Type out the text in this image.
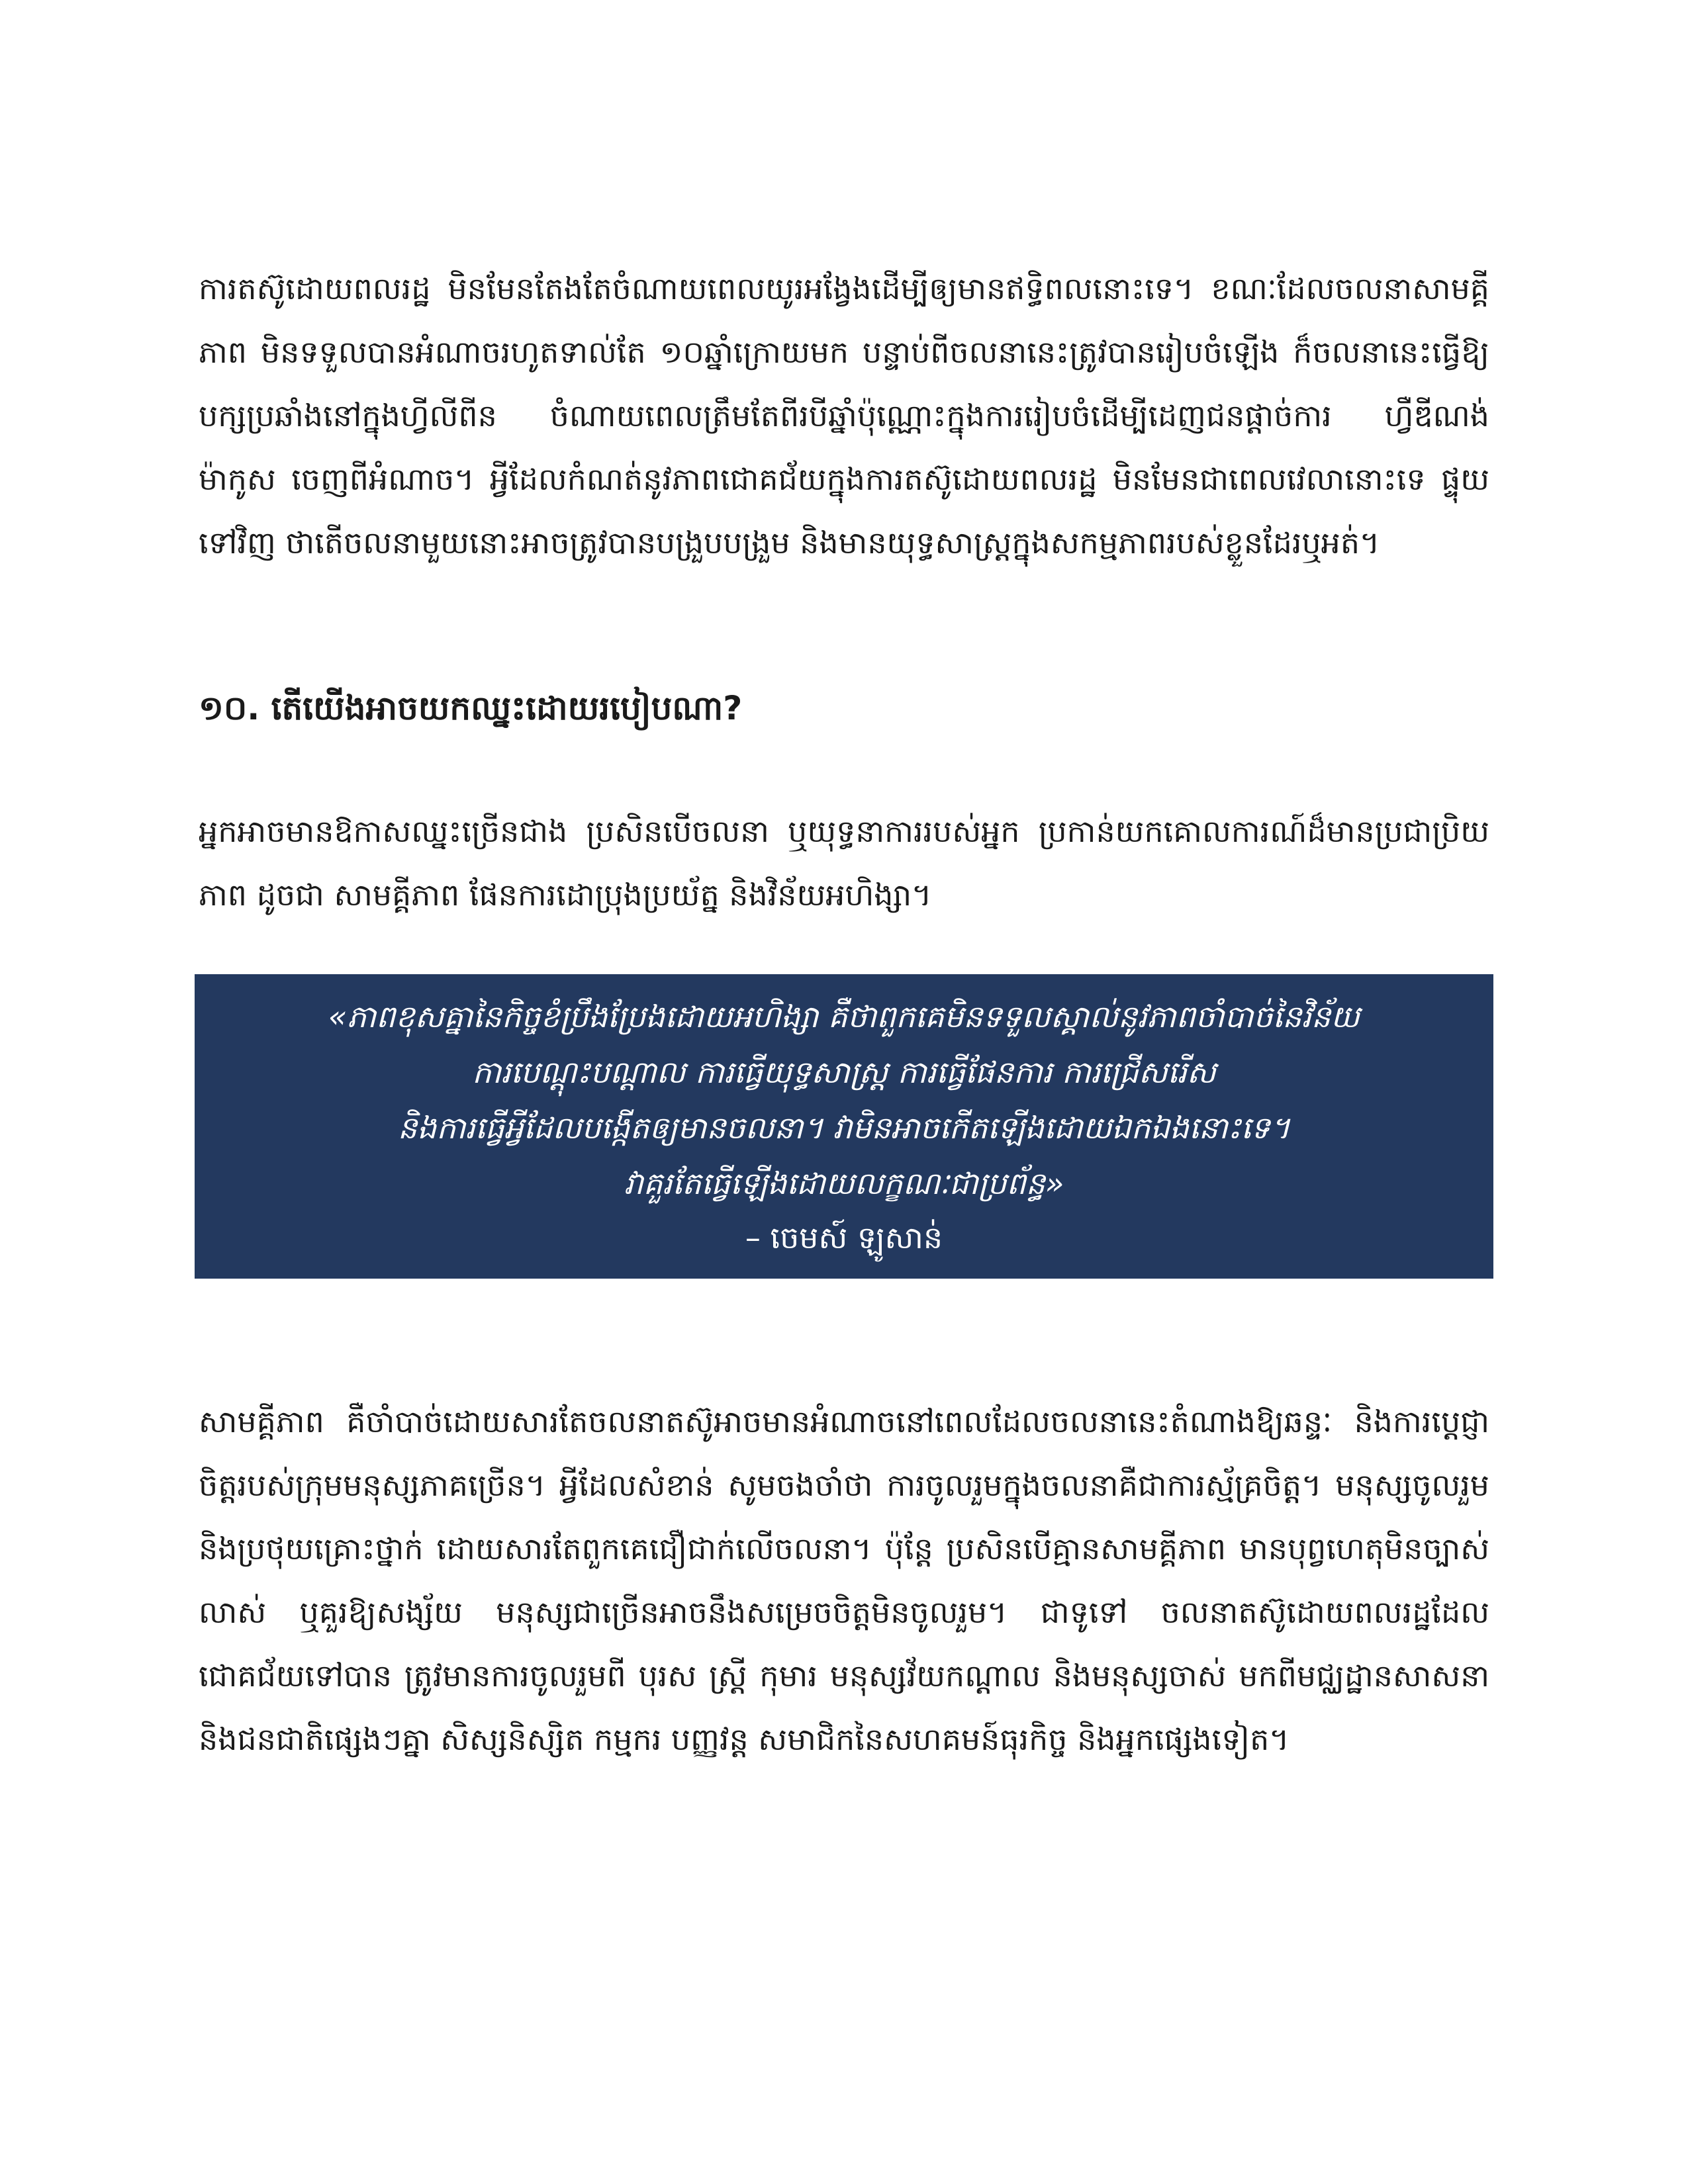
ការតស៊ូដោយពលរដ្ឋ មិនមែនតែងតែចំណាយពេលយូរអង្វែងដើម្បីឲ្យមានឥទ្ធិពលនោះទេ។ ខណៈដែលចលនាសាមគ្គីភាព មិនទទួលបានអំណាចរហូតទាល់តែ ១០ឆ្នាំក្រោយមក បន្ទាប់ពីចលនានេះត្រូវបានរៀបចំឡើង ក៏ចលនានេះធ្វើឱ្យបក្សប្រឆាំងនៅក្នុងហ្វីលីពីន ចំណាយពេលត្រឹមតែពីរបីឆ្នាំប៉ុណ្ណោះក្នុងការរៀបចំដើម្បីដេញជនផ្តាច់ការ ហ្វឺឌីណង់ ម៉ាកូស ចេញពីអំណាច។ អ្វីដែលកំណត់នូវភាពជោគជ័យក្នុងការតស៊ូដោយពលរដ្ឋ មិនមែនជាពេលវេលានោះទេ ផ្ទុយទៅវិញ ថាតើចលនាមួយនោះអាចត្រូវបានបង្រួបបង្រួម និងមានយុទ្ធសាស្ត្រក្នុងសកម្មភាពរបស់ខ្លួនដែរឬអត់។

១០. តើយើងអាចយកឈ្នះដោយរបៀបណា?

អ្នកអាចមានឱកាសឈ្នះច្រើនជាង ប្រសិនបើចលនា ឬយុទ្ធនាការរបស់អ្នក ប្រកាន់យកគោលការណ៍ដ៏មានប្រជាប្រិយភាព ដូចជា សាមគ្គីភាព ផែនការដោប្រុងប្រយ័ត្ន និងវិន័យអហិង្សា។

«ភាពខុសគ្នានៃកិច្ចខំប្រឹងប្រែងដោយអហិង្សា គឺថាពួកគេមិនទទួលស្គាល់នូវភាពចាំបាច់នៃវិន័យ
ការបេណ្ដុះបណ្ដាល ការធ្វើយុទ្ធសាស្ត្រ ការធ្វើផែនការ ការជ្រើសរើស
និងការធ្វើអ្វីដែលបង្កើតឲ្យមានចលនា។ វាមិនអាចកើតឡើងដោយឯកឯងនោះទេ។
វាគួរតែធ្វើឡើងដោយលក្ខណៈជាប្រព័ន្ធ»
– ចេមស៍ ឡូសាន់

សាមគ្គីភាព គឺចាំបាច់ដោយសារតែចលនាតស៊ូអាចមានអំណាចនៅពេលដែលចលនានេះតំណាងឱ្យឆន្ទៈ និងការប្តេជ្ញាចិត្តរបស់ក្រុមមនុស្សភាគច្រើន។ អ្វីដែលសំខាន់ សូមចងចាំថា ការចូលរួមក្នុងចលនាគឺជាការស្ម័គ្រចិត្ត។ មនុស្សចូលរួម និងប្រថុយគ្រោះថ្នាក់ ដោយសារតែពួកគេជឿជាក់លើចលនា។ ប៉ុន្តែ ប្រសិនបើគ្មានសាមគ្គីភាព មានបុព្វហេតុមិនច្បាស់លាស់ ឬគួរឱ្យសង្ស័យ មនុស្សជាច្រើនអាចនឹងសម្រេចចិត្តមិនចូលរួម។ ជាទូទៅ ចលនាតស៊ូដោយពលរដ្ឋដែលជោគជ័យទៅបាន ត្រូវមានការចូលរួមពី បុរស ស្ត្រី កុមារ មនុស្សវ័យកណ្ដាល និងមនុស្សចាស់ មកពីមជ្ឈដ្ឋានសាសនា និងជនជាតិផ្សេងៗគ្នា សិស្សនិស្សិត កម្មករ បញ្ញវន្ត សមាជិកនៃសហគមន៍ធុរកិច្ច និងអ្នកផ្សេងទៀត។
